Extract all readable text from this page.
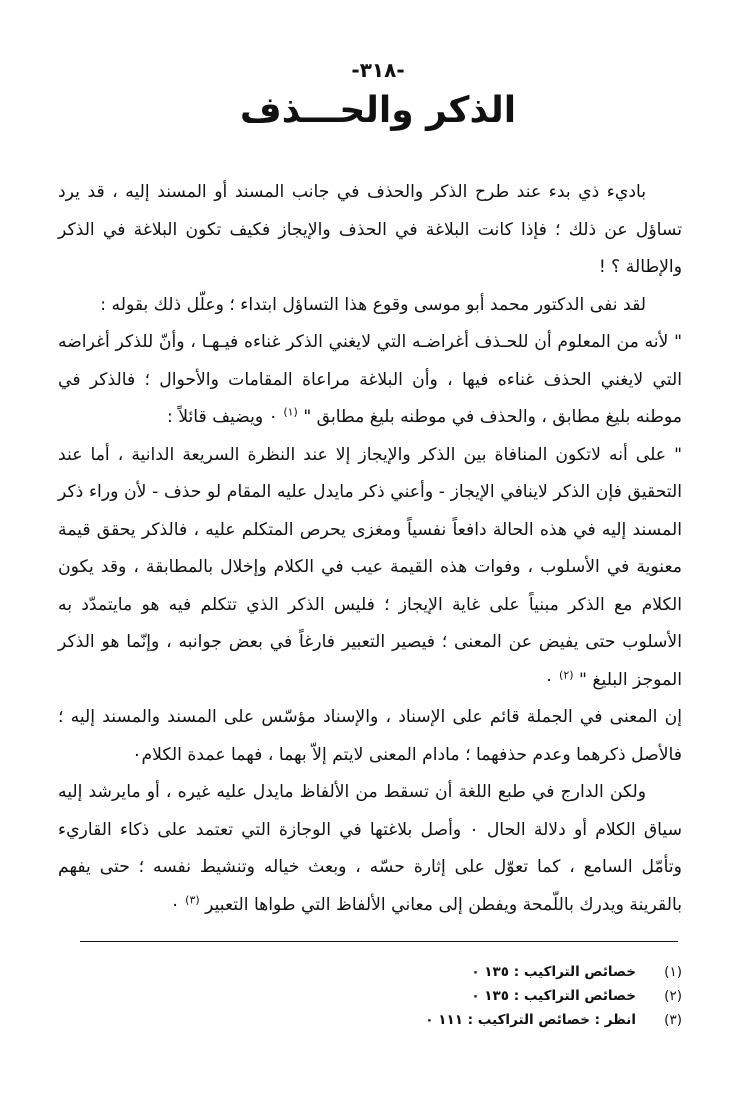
-٣١٨-
الذكر والحـــذف

باديء ذي بدء عند طرح الذكر والحذف في جانب المسند أو المسند إليه ، قد يرد تساؤل عن ذلك ؛ فإذا كانت البلاغة في الحذف والإيجاز فكيف تكون البلاغة في الذكر والإطالة ؟ !

لقد نفى الدكتور محمد أبو موسى وقوع هذا التساؤل ابتداء ؛ وعلّل ذلك بقوله :

" لأنه من المعلوم أن للحـذف أغراضـه التي لايغني الذكر غناءه فيـهـا ، وأنّ للذكر أغراضه التي لايغني الحذف غناءه فيها ، وأن البلاغة مراعاة المقامات والأحوال ؛ فالذكر في موطنه بليغ مطابق ، والحذف في موطنه بليغ مطابق " $^{(١)}$ ٠ ويضيف قائلاً :

" على أنه لاتكون المنافاة بين الذكر والإيجاز إلا عند النظرة السريعة الدانية ، أما عند التحقيق فإن الذكر لاينافي الإيجاز - وأعني ذكر مايدل عليه المقام لو حذف - لأن وراء ذكر المسند إليه في هذه الحالة دافعاً نفسياً ومغزى يحرص المتكلم عليه ، فالذكر يحقق قيمة معنوية في الأسلوب ، وفوات هذه القيمة عيب في الكلام وإخلال بالمطابقة ، وقد يكون الكلام مع الذكر مبنياً على غاية الإيجاز ؛ فليس الذكر الذي تتكلم فيه هو مايتمدّد به الأسلوب حتى يفيض عن المعنى ؛ فيصير التعبير فارغاً في بعض جوانبه ، وإنّما هو الذكر الموجز البليغ " $^{(٢)}$ ٠

إن المعنى في الجملة قائم على الإسناد ، والإسناد مؤسّس على المسند والمسند إليه ؛ فالأصل ذكرهما وعدم حذفهما ؛ مادام المعنى لايتم إلاّ بهما ، فهما عمدة الكلام٠

ولكن الدارج في طبع اللغة أن تسقط من الألفاظ مايدل عليه غيره ، أو مايرشد إليه سياق الكلام أو دلالة الحال ٠ وأصل بلاغتها في الوجازة التي تعتمد على ذكاء القاريء وتأمّل السامع ، كما تعوّل على إثارة حسّه ، وبعث خياله وتنشيط نفسه ؛ حتى يفهم بالقرينة ويدرك باللّمحة ويفطن إلى معاني الألفاظ التي طواها التعبير $^{(٣)}$ ٠

(١)
خصائص التراكيب : ١٣٥ ٠
(٢)
خصائص التراكيب : ١٣٥ ٠
(٣)
انظر : خصائص التراكيب : ١١١ ٠
